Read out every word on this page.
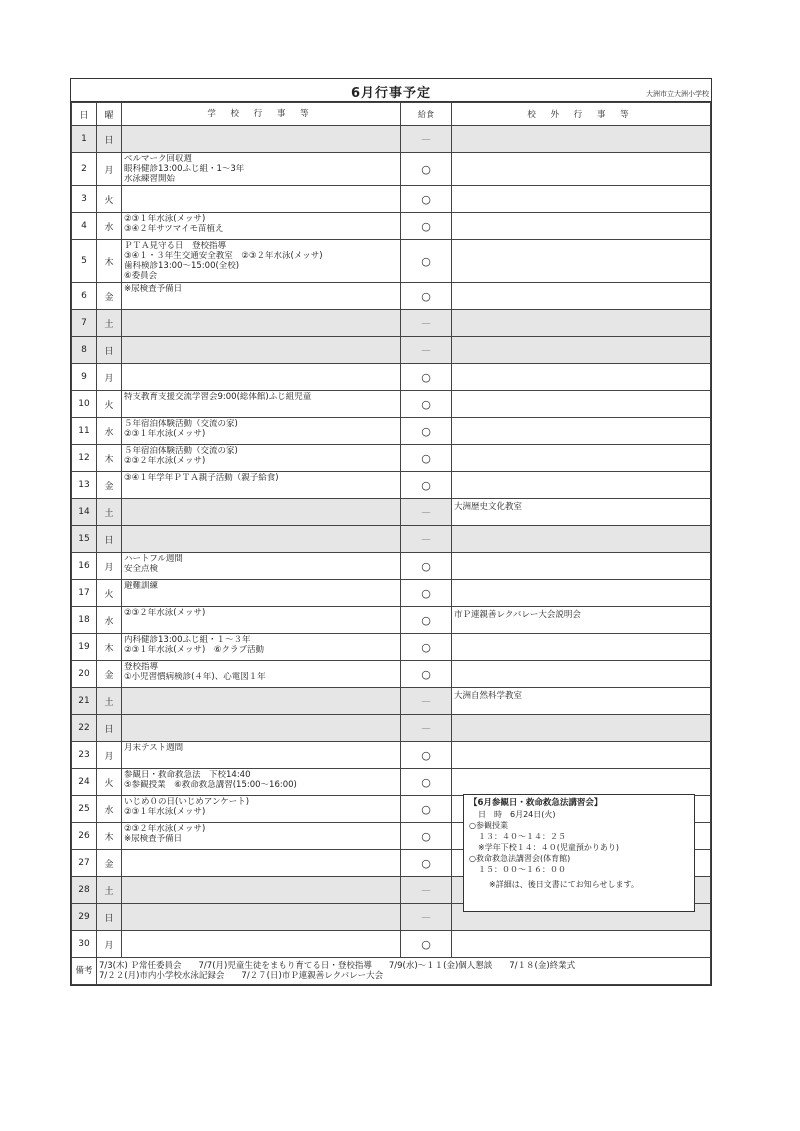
6月行事予定	大洲市立大洲小学校
日	曜	学 校 行 事 等	給食	校 外 行 事 等
1	日		－	
2	月	ベルマーク回収週
眼科健診13:00ふじ組・1～3年
水泳練習開始	○	
3	火		○	
4	水	②③１年水泳(メッサ)
③④２年サツマイモ苗植え	○	
5	木	ＰＴＡ見守る日　登校指導
③④１・３年生交通安全教室　②③２年水泳(メッサ)
歯科検診13:00～15:00(全校)
⑥委員会	○	
6	金	※尿検査予備日	○	
7	土		－	
8	日		－	
9	月		○	
10	火	特支教育支援交流学習会9:00(総体館)ふじ組児童	○	
11	水	５年宿泊体験活動（交流の家)
②③１年水泳(メッサ)	○	
12	木	５年宿泊体験活動（交流の家)
②③２年水泳(メッサ)	○	
13	金	③④１年学年ＰＴＡ親子活動（親子給食)	○	
14	土		－	大洲歴史文化教室
15	日		－	
16	月	ハートフル週間
安全点検	○	
17	火	避難訓練	○	
18	水	②③２年水泳(メッサ)	○	市Ｐ連親善レクバレー大会説明会
19	木	内科健診13:00ふじ組・１～３年
②③１年水泳(メッサ)　⑥クラブ活動	○	
20	金	登校指導
①小児習慣病検診(４年)、心電図１年	○	
21	土		－	大洲自然科学教室
22	日		－	
23	月	月末テスト週間	○	
24	火	参観日・救命救急法　下校14:40
⑤参観授業　⑥救命救急講習(15:00～16:00)	○	
25	水	いじめ０の日(いじめアンケート)
②③１年水泳(メッサ)	○	
26	木	②③２年水泳(メッサ)
※尿検査予備日	○	
27	金		○	
28	土		－	
29	日		－	
30	月		○	
備考	7/3(木) Ｐ常任委員会　　7/7(月)児童生徒をまもり育てる日・登校指導　　7/9(水)～１１(金)個人懇談　　7/１８(金)終業式
7/２２(月)市内小学校水泳記録会　　7/２７(日)市Ｐ連親善レクバレー大会			
【6月参観日・救命救急法講習会】
日　時　6月24日(火)
○参観授業
１３：４０～１４：２５
※学年下校１４：４０(児童預かりあり)
○救命救急法講習会(体育館)
１５：００～１６：００
※詳細は、後日文書にてお知らせします。
